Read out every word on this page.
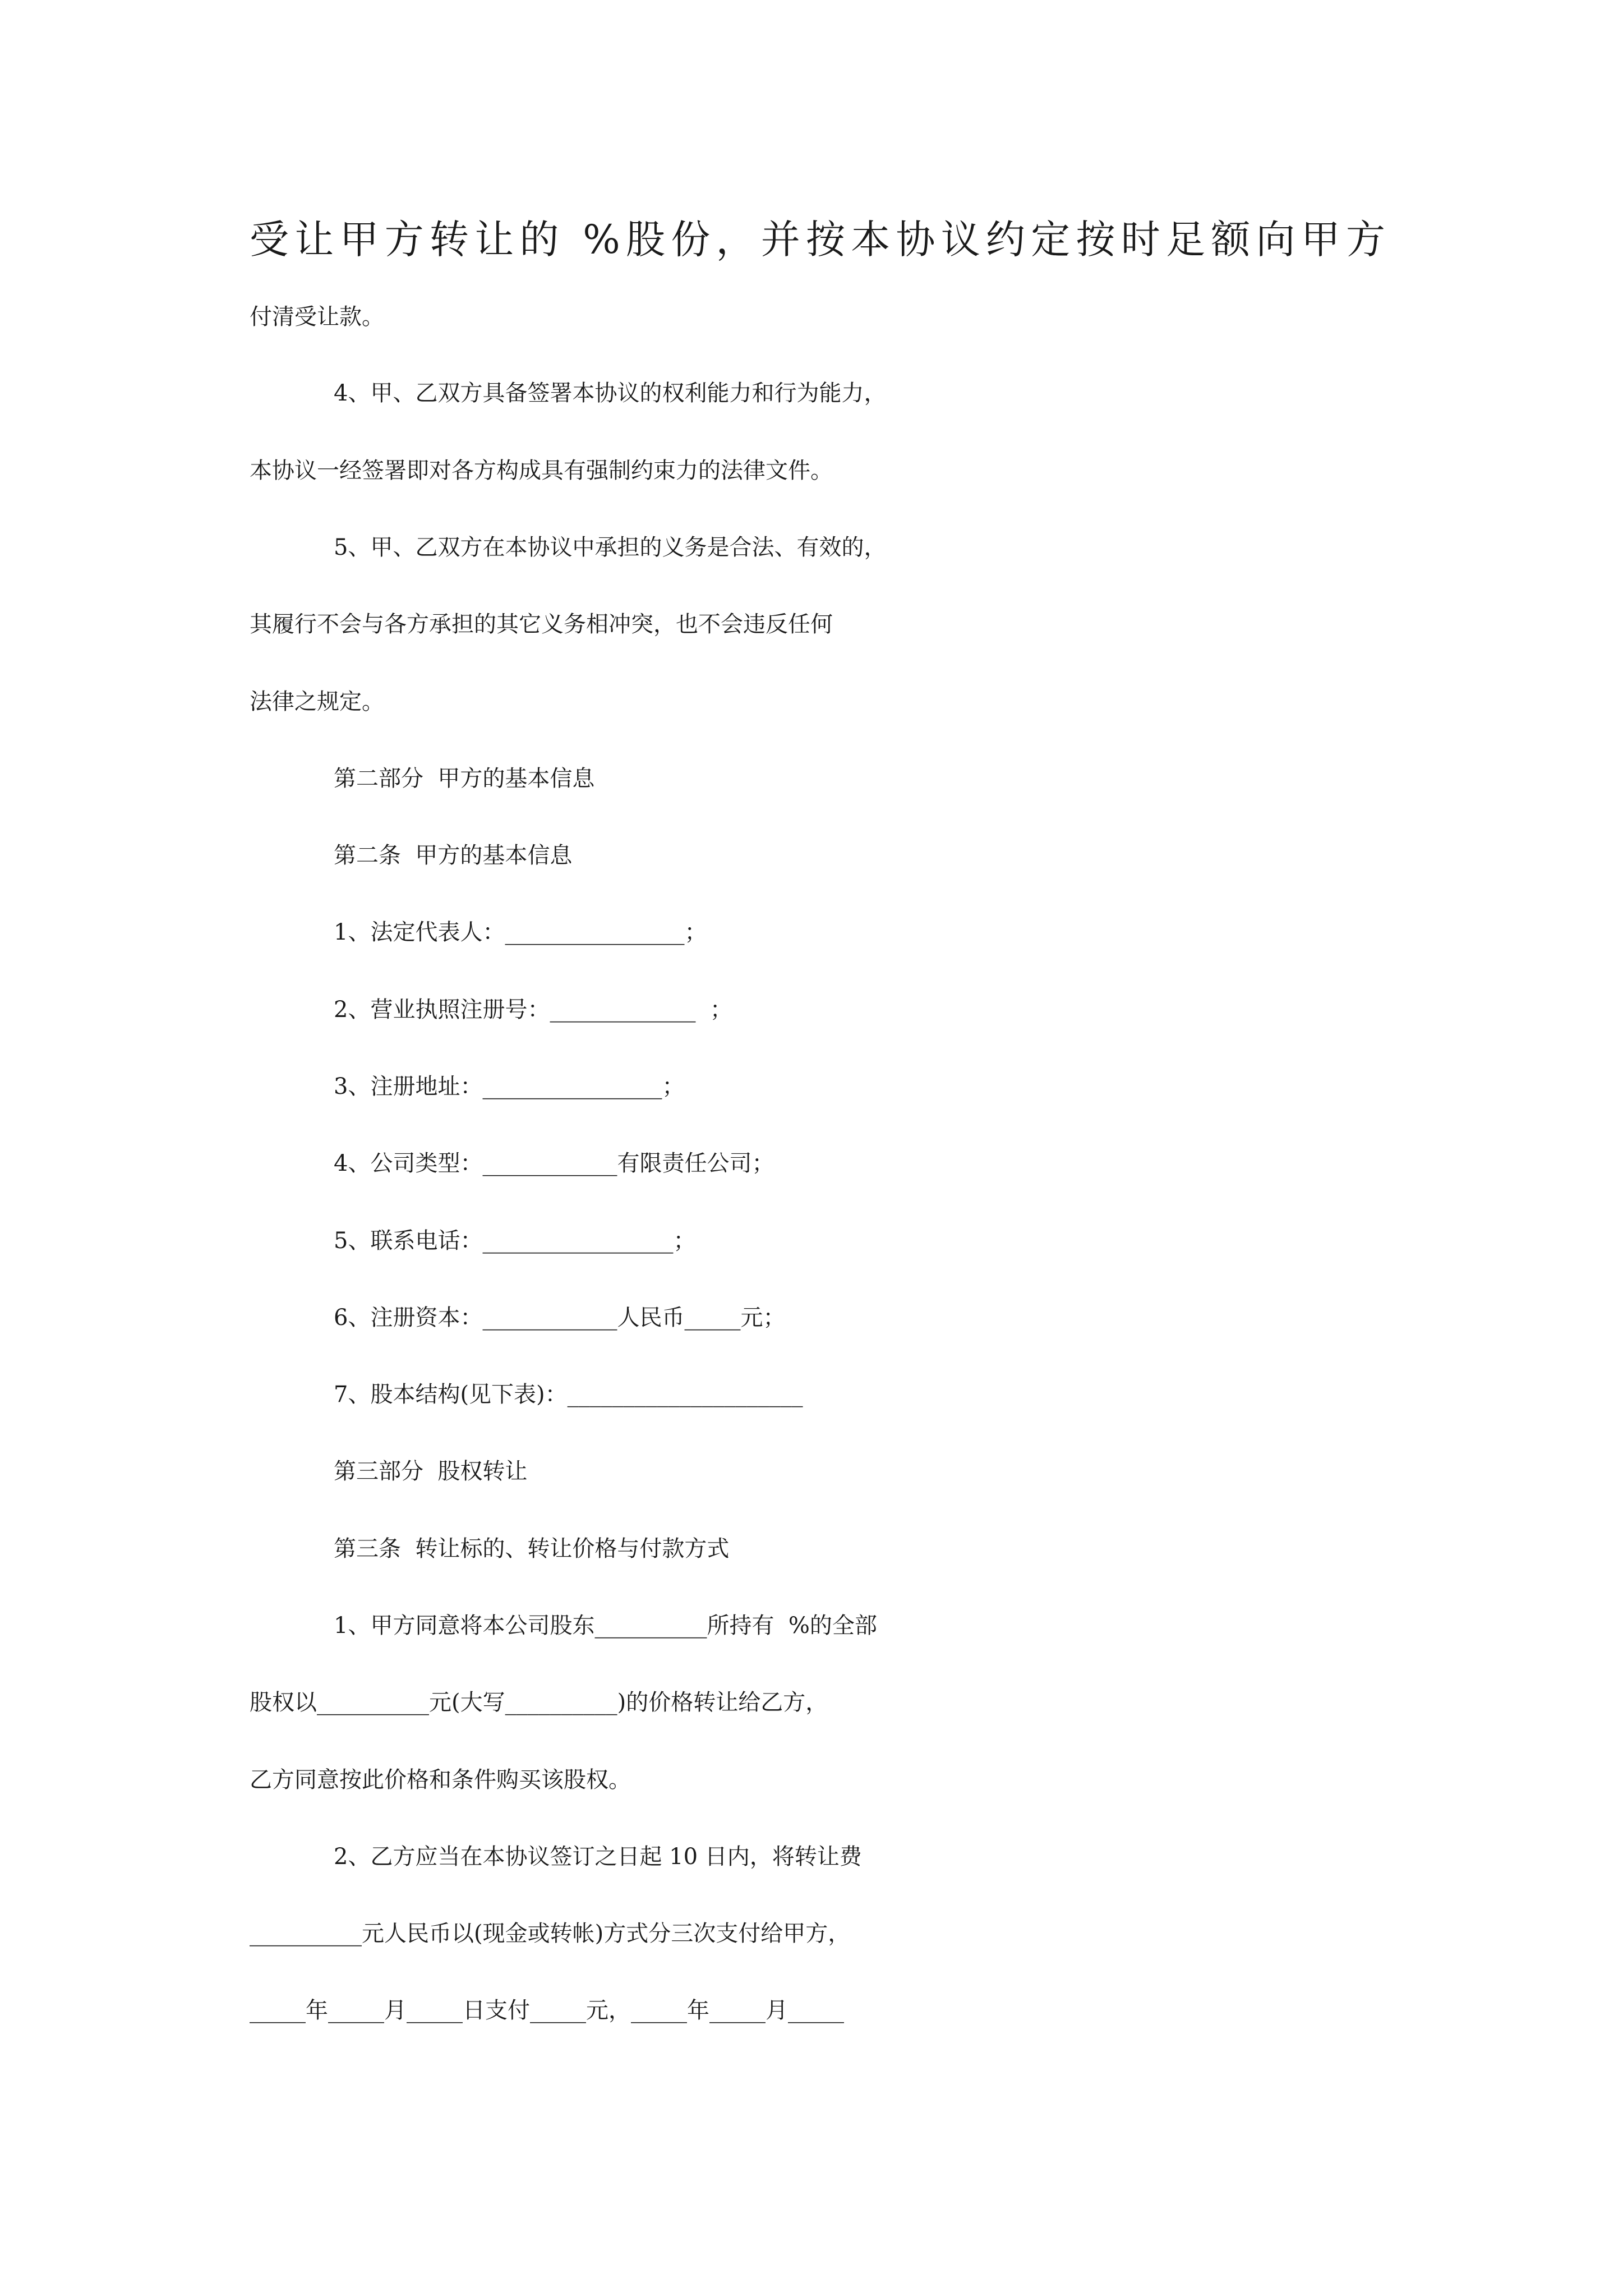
受让甲方转让的 %股份，并按本协议约定按时足额向甲方

付清受让款。

4、甲、乙双方具备签署本协议的权利能力和行为能力，

本协议一经签署即对各方构成具有强制约束力的法律文件。

5、甲、乙双方在本协议中承担的义务是合法、有效的，

其履行不会与各方承担的其它义务相冲突，也不会违反任何

法律之规定。

第二部分  甲方的基本信息

第二条  甲方的基本信息

1、法定代表人：________________；

2、营业执照注册号：_____________  ；

3、注册地址：________________；

4、公司类型：____________有限责任公司；

5、联系电话：_________________；

6、注册资本：____________人民币_____元；

7、股本结构(见下表)：_____________________

第三部分  股权转让

第三条  转让标的、转让价格与付款方式

1、甲方同意将本公司股东__________所持有  %的全部

股权以__________元(大写__________)的价格转让给乙方，

乙方同意按此价格和条件购买该股权。

2、乙方应当在本协议签订之日起 10 日内，将转让费

__________元人民币以(现金或转帐)方式分三次支付给甲方，

_____年_____月_____日支付_____元，_____年_____月_____
